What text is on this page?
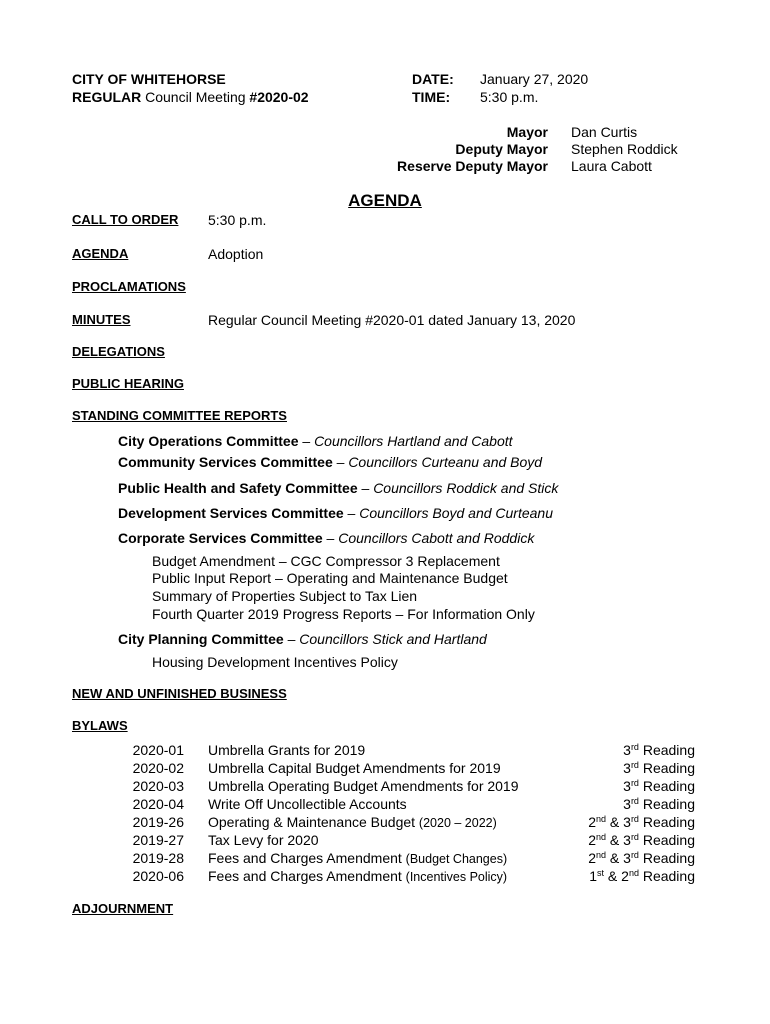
CITY OF WHITEHORSE
REGULAR Council Meeting #2020-02
DATE: January 27, 2020
TIME: 5:30 p.m.
Mayor Dan Curtis
Deputy Mayor Stephen Roddick
Reserve Deputy Mayor Laura Cabott
AGENDA
CALL TO ORDER 5:30 p.m.
AGENDA	Adoption
PROCLAMATIONS
MINUTES	Regular Council Meeting #2020-01 dated January 13, 2020
DELEGATIONS
PUBLIC HEARING
STANDING COMMITTEE REPORTS
City Operations Committee – Councillors Hartland and Cabott
Community Services Committee – Councillors Curteanu and Boyd
Public Health and Safety Committee – Councillors Roddick and Stick
Development Services Committee – Councillors Boyd and Curteanu
Corporate Services Committee – Councillors Cabott and Roddick
Budget Amendment – CGC Compressor 3 Replacement
Public Input Report – Operating and Maintenance Budget
Summary of Properties Subject to Tax Lien
Fourth Quarter 2019 Progress Reports – For Information Only
City Planning Committee – Councillors Stick and Hartland
Housing Development Incentives Policy
NEW AND UNFINISHED BUSINESS
BYLAWS
2020-01 Umbrella Grants for 2019	3rd Reading
2020-02 Umbrella Capital Budget Amendments for 2019	3rd Reading
2020-03 Umbrella Operating Budget Amendments for 2019	3rd Reading
2020-04 Write Off Uncollectible Accounts	3rd Reading
2019-26 Operating & Maintenance Budget (2020 – 2022)	2nd & 3rd Reading
2019-27 Tax Levy for 2020	2nd & 3rd Reading
2019-28 Fees and Charges Amendment (Budget Changes)	2nd & 3rd Reading
2020-06 Fees and Charges Amendment (Incentives Policy)	1st & 2nd Reading
ADJOURNMENT
